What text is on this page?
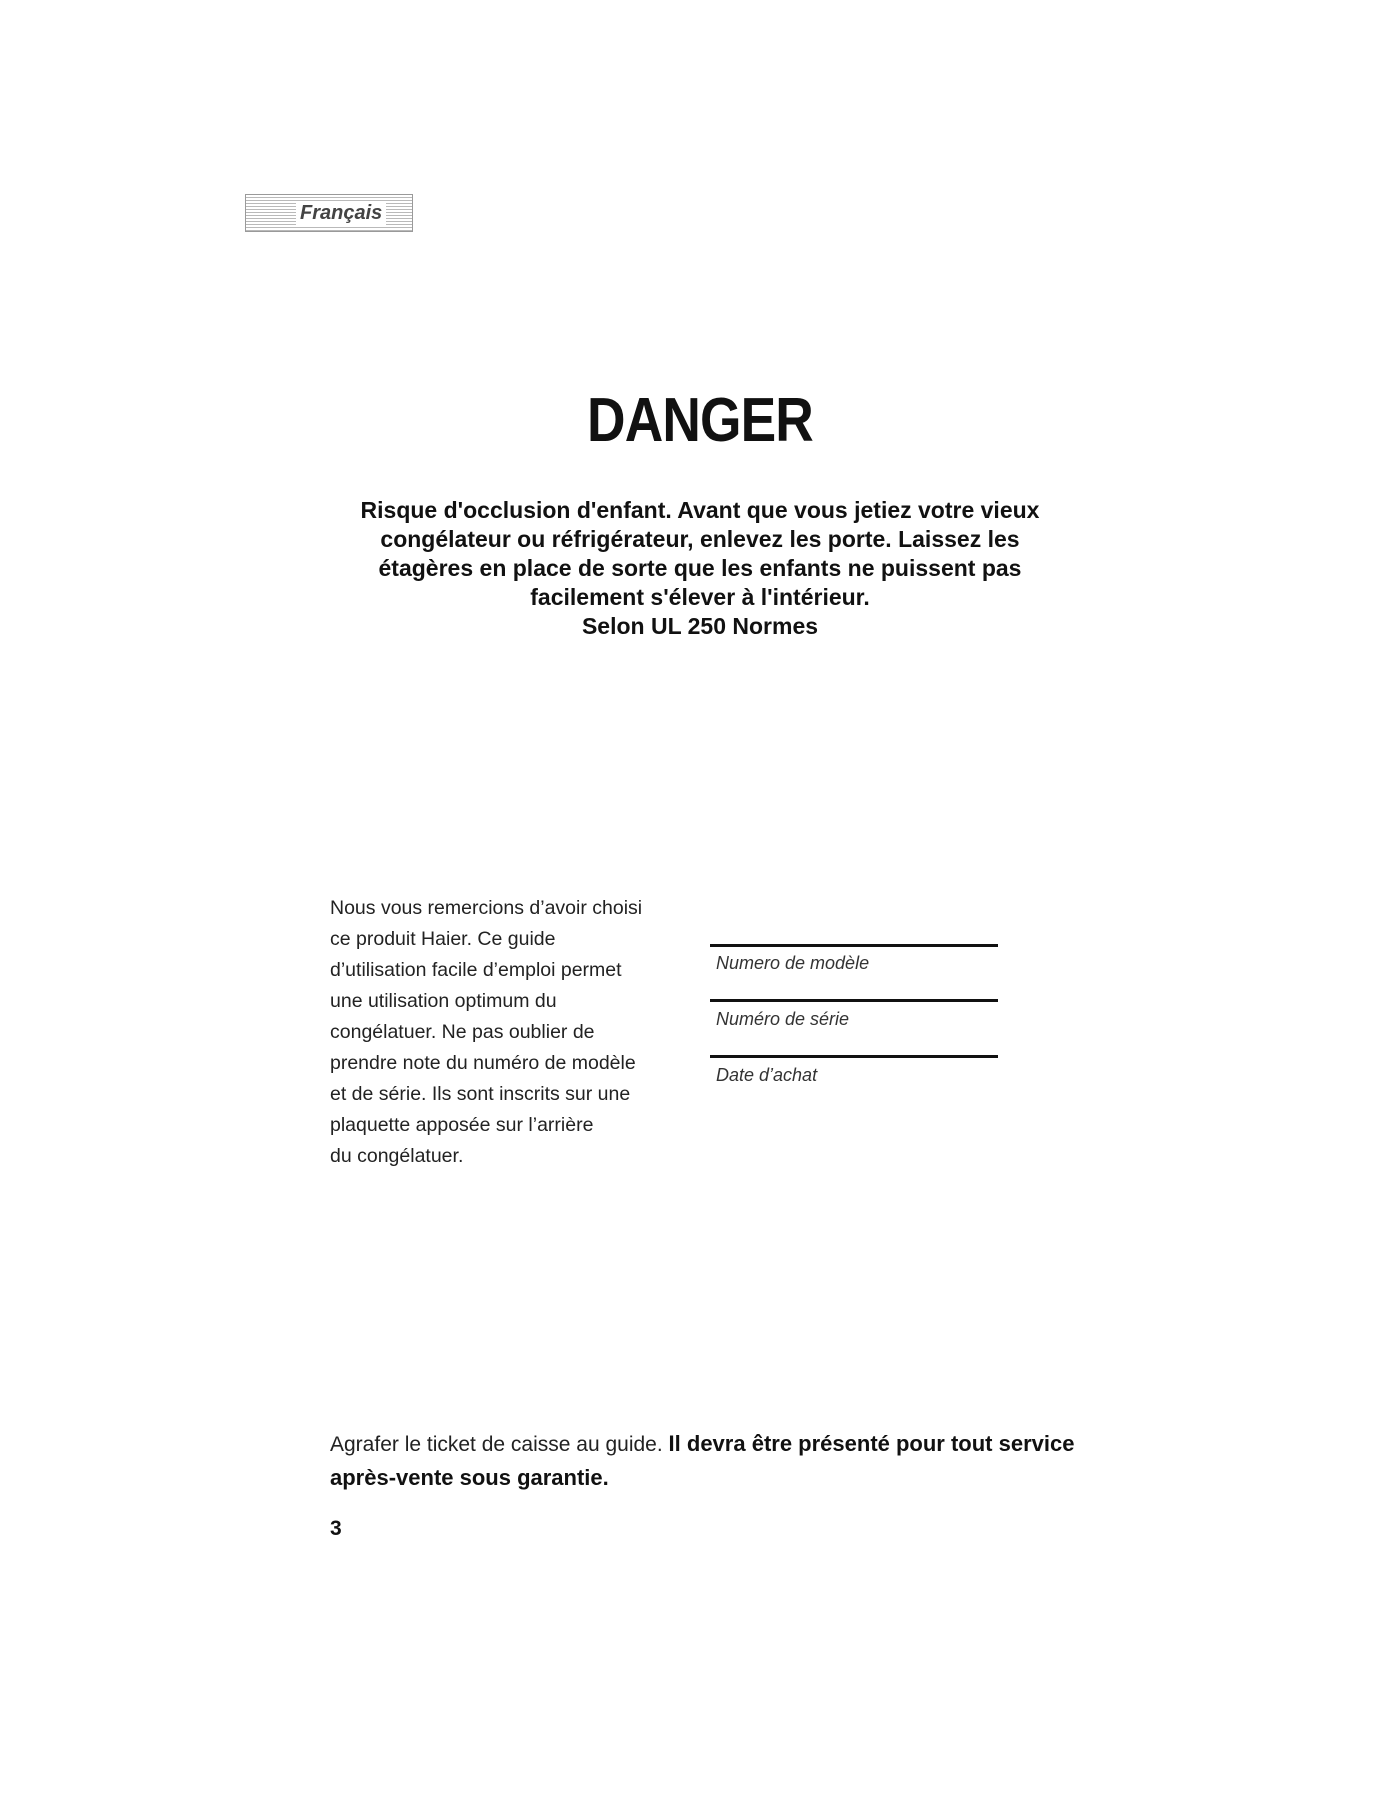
Français
DANGER

Risque d'occlusion d'enfant. Avant que vous jetiez votre vieux
congélateur ou réfrigérateur, enlevez les porte. Laissez les
étagères en place de sorte que les enfants ne puissent pas
facilement s'élever à l'intérieur.
Selon UL 250 Normes

Nous vous remercions d’avoir choisi
ce produit Haier. Ce guide
d’utilisation facile d’emploi permet
une utilisation optimum du
congélatuer. Ne pas oublier de
prendre note du numéro de modèle
et de série. Ils sont inscrits sur une
plaquette apposée sur l’arrière
du congélatuer.

Numero de modèle
Numéro de série
Date d’achat

Agrafer le ticket de caisse au guide. Il devra être présenté pour tout service après-vente sous garantie.

3
